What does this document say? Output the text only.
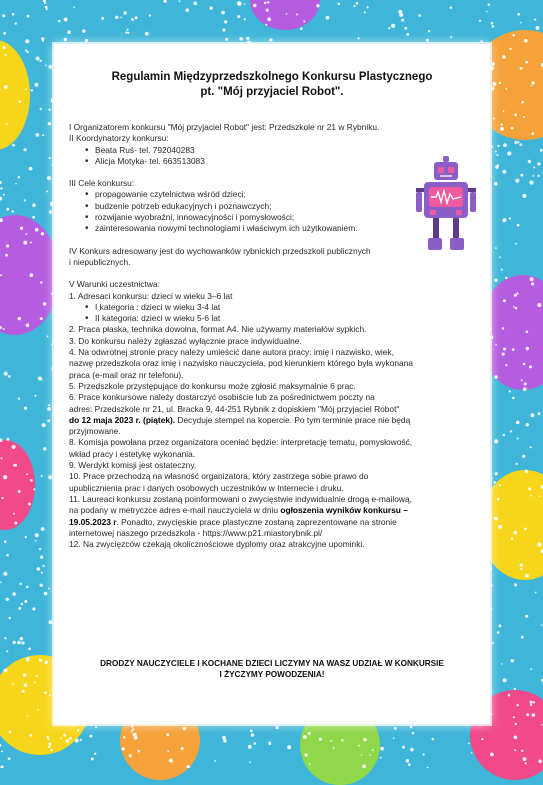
Regulamin Międzyprzedszkolnego Konkursu Plastycznego
pt. "Mój przyjaciel Robot".

I Organizatorem konkursu "Mój przyjaciel Robot" jest: Przedszkole nr 21 w Rybniku.

II Koordynatorzy konkursu:

• Beata Ruś- tel. 792040283
• Alicja Motyka- tel. 663513083

III Cele konkursu:

• propagowanie czytelnictwa wśród dzieci;
• budzenie potrzeb edukacyjnych i poznawczych;
• rozwijanie wyobraźni, innowacyjności i pomysłowości;
• zainteresowania nowymi technologiami i właściwym ich użytkowaniem.

IV Konkurs adresowany jest do wychowanków rybnickich przedszkoli publicznych

i niepublicznych.

V Warunki uczestnictwa:

1. Adresaci konkursu: dzieci w wieku 3–6 lat

• I kategoria : dzieci w wieku 3-4 lat
• II kategoria: dzieci w wieku 5-6 lat

2. Praca płaska, technika dowolna, format A4. Nie używamy materiałów sypkich.

3. Do konkursu należy zgłaszać wyłącznie prace indywidualne.

4. Na odwrotnej stronie pracy należy umieścić dane autora pracy: imię i nazwisko, wiek,

nazwę przedszkola oraz imię i nazwisko nauczyciela, pod kierunkiem którego była wykonana

praca (e-mail oraz nr telefonu).

5. Przedszkole przystępujące do konkursu może zgłosić maksymalnie 6 prac.

6. Prace konkursowe należy dostarczyć osobiście lub za pośrednictwem poczty na

adres: Przedszkole nr 21, ul. Bracka 9, 44-251 Rybnik z dopiskiem "Mój przyjaciel Robot"

do 12 maja 2023 r. (piątek). Decyduje stempel na kopercie. Po tym terminie prace nie będą

przyjmowane.

8. Komisja powołana przez organizatora oceniać będzie: interpretację tematu, pomysłowość,

wkład pracy i estetykę wykonania.

9. Werdykt komisji jest ostateczny.

10. Prace przechodzą na własność organizatora, który zastrzega sobie prawo do

upublicznienia prac i danych osobowych uczestników w Internecie i druku.

11. Laureaci konkursu zostaną poinformowani o zwycięstwie indywidualnie drogą e-mailową,

na podany w metryczce adres e-mail nauczyciela w dniu ogłoszenia wyników konkursu –

19.05.2023 r. Ponadto, zwycięskie prace plastyczne zostaną zaprezentowane na stronie

internetowej naszego przedszkola - https://www.p21.miastorybnik.pl/

12. Na zwycięzców czekają okolicznościowe dyplomy oraz atrakcyjne upominki.

DRODZY NAUCZYCIELE I KOCHANE DZIECI LICZYMY NA WASZ UDZIAŁ W KONKURSIE
I ŻYCZYMY POWODZENIA!
